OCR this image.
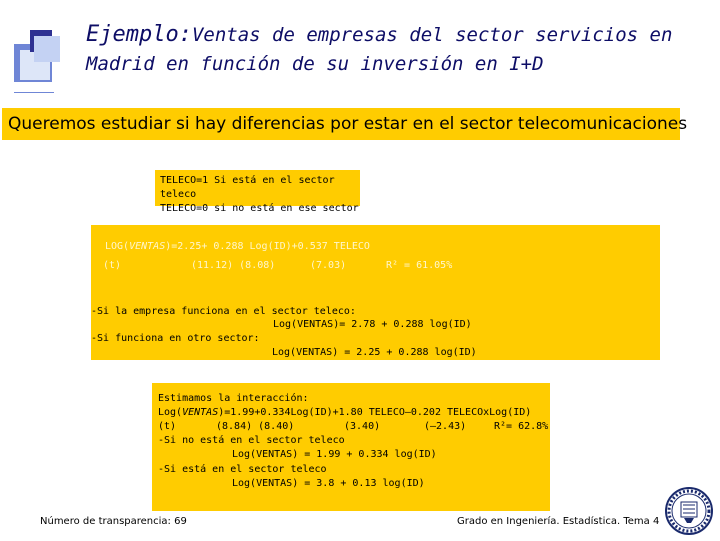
Ejemplo:Ventas de empresas del sector servicios en Madrid en función de su inversión en I+D
Queremos estudiar si hay diferencias por estar en el sector telecomunicaciones
TELECO=1 Si está en el sector teleco
TELECO=0 si no está en ese sector
LOG(VENTAS)=2.25+ 0.288 Log(ID)+0.537 TELECO
(t)	(11.12) (8.08)	(7.03)	R² = 61.05%
-Si la empresa funciona en el sector teleco:
Log(VENTAS)= 2.78 + 0.288 log(ID)
-Si funciona en otro sector:
Log(VENTAS) = 2.25 + 0.288 log(ID)
Estimamos la interacción:
Log(VENTAS)=1.99+0.334Log(ID)+1.80 TELECO–0.202 TELECOxLog(ID)
(t)	(8.84) (8.40)	(3.40)	(–2.43)	R²= 62.8%
-Si no está en el sector teleco
Log(VENTAS) = 1.99 + 0.334 log(ID)
-Si está en el sector teleco
Log(VENTAS) = 3.8 + 0.13 log(ID)
Número de transparencia: 69	Grado en Ingeniería. Estadística. Tema 4
